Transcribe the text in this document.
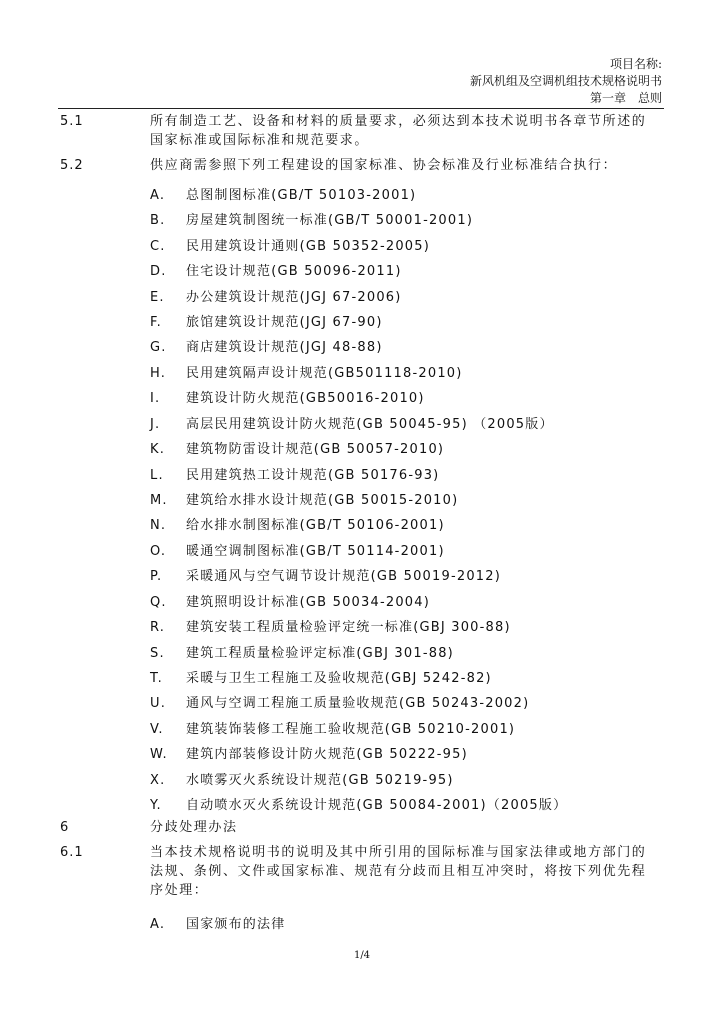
项目名称:
新风机组及空调机组技术规格说明书
第一章　总则
5.1	所有制造工艺、设备和材料的质量要求，必须达到本技术说明书各章节所述的国家标准或国际标准和规范要求。
5.2	供应商需参照下列工程建设的国家标准、协会标准及行业标准结合执行：
A. 总图制图标准(GB/T 50103-2001)
B. 房屋建筑制图统一标准(GB/T 50001-2001)
C. 民用建筑设计通则(GB 50352-2005)
D. 住宅设计规范(GB 50096-2011)
E. 办公建筑设计规范(JGJ 67-2006)
F. 旅馆建筑设计规范(JGJ 67-90)
G. 商店建筑设计规范(JGJ 48-88)
H. 民用建筑隔声设计规范(GB501118-2010)
I. 建筑设计防火规范(GB50016-2010)
J. 高层民用建筑设计防火规范(GB 50045-95) （2005版）
K. 建筑物防雷设计规范(GB 50057-2010)
L. 民用建筑热工设计规范(GB 50176-93)
M. 建筑给水排水设计规范(GB 50015-2010)
N. 给水排水制图标准(GB/T 50106-2001)
O. 暖通空调制图标准(GB/T 50114-2001)
P. 采暖通风与空气调节设计规范(GB 50019-2012)
Q. 建筑照明设计标准(GB 50034-2004)
R. 建筑安装工程质量检验评定统一标准(GBJ 300-88)
S. 建筑工程质量检验评定标准(GBJ 301-88)
T. 采暖与卫生工程施工及验收规范(GBJ 5242-82)
U. 通风与空调工程施工质量验收规范(GB 50243-2002)
V. 建筑装饰装修工程施工验收规范(GB 50210-2001)
W. 建筑内部装修设计防火规范(GB 50222-95)
X. 水喷雾灭火系统设计规范(GB 50219-95)
Y. 自动喷水灭火系统设计规范(GB 50084-2001)（2005版）
6	分歧处理办法
6.1	当本技术规格说明书的说明及其中所引用的国际标准与国家法律或地方部门的法规、条例、文件或国家标准、规范有分歧而且相互冲突时，将按下列优先程序处理：
A. 国家颁布的法律
1/4
